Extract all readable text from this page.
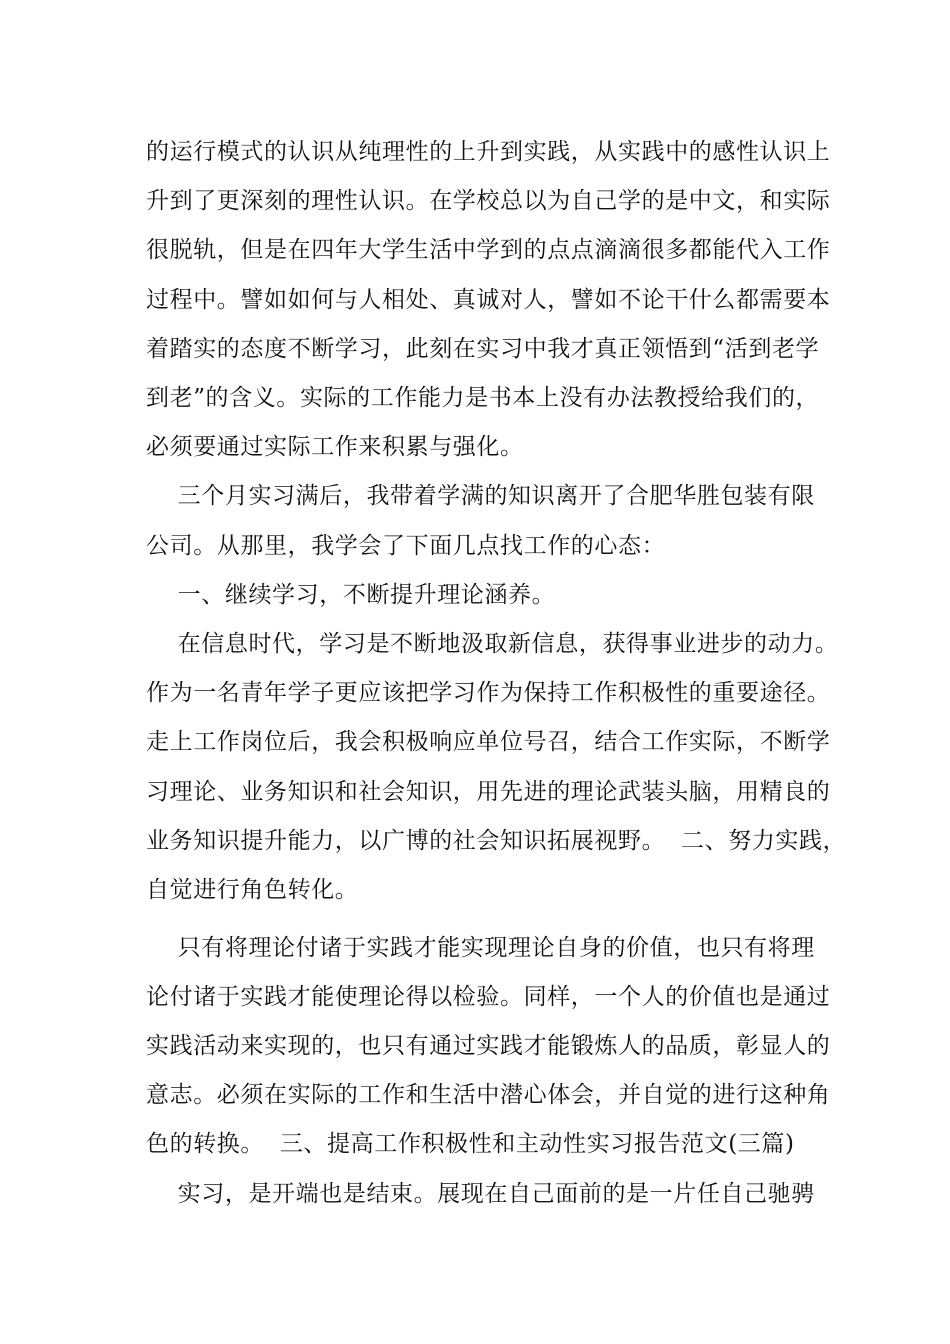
的运行模式的认识从纯理性的上升到实践，从实践中的感性认识上
升到了更深刻的理性认识。在学校总以为自己学的是中文，和实际
很脱轨，但是在四年大学生活中学到的点点滴滴很多都能代入工作
过程中。譬如如何与人相处、真诚对人，譬如不论干什么都需要本
着踏实的态度不断学习，此刻在实习中我才真正领悟到“活到老学
到老”的含义。实际的工作能力是书本上没有办法教授给我们的，
必须要通过实际工作来积累与强化。
三个月实习满后，我带着学满的知识离开了合肥华胜包装有限
公司。从那里，我学会了下面几点找工作的心态：
一、继续学习，不断提升理论涵养。
在信息时代，学习是不断地汲取新信息，获得事业进步的动力。
作为一名青年学子更应该把学习作为保持工作积极性的重要途径。
走上工作岗位后，我会积极响应单位号召，结合工作实际，不断学
习理论、业务知识和社会知识，用先进的理论武装头脑，用精良的
业务知识提升能力，以广博的社会知识拓展视野。  二、努力实践，
自觉进行角色转化。
只有将理论付诸于实践才能实现理论自身的价值，也只有将理
论付诸于实践才能使理论得以检验。同样，一个人的价值也是通过
实践活动来实现的，也只有通过实践才能锻炼人的品质，彰显人的
意志。必须在实际的工作和生活中潜心体会，并自觉的进行这种角
色的转换。  三、提高工作积极性和主动性实习报告范文(三篇)
实习，是开端也是结束。展现在自己面前的是一片任自己驰骋
